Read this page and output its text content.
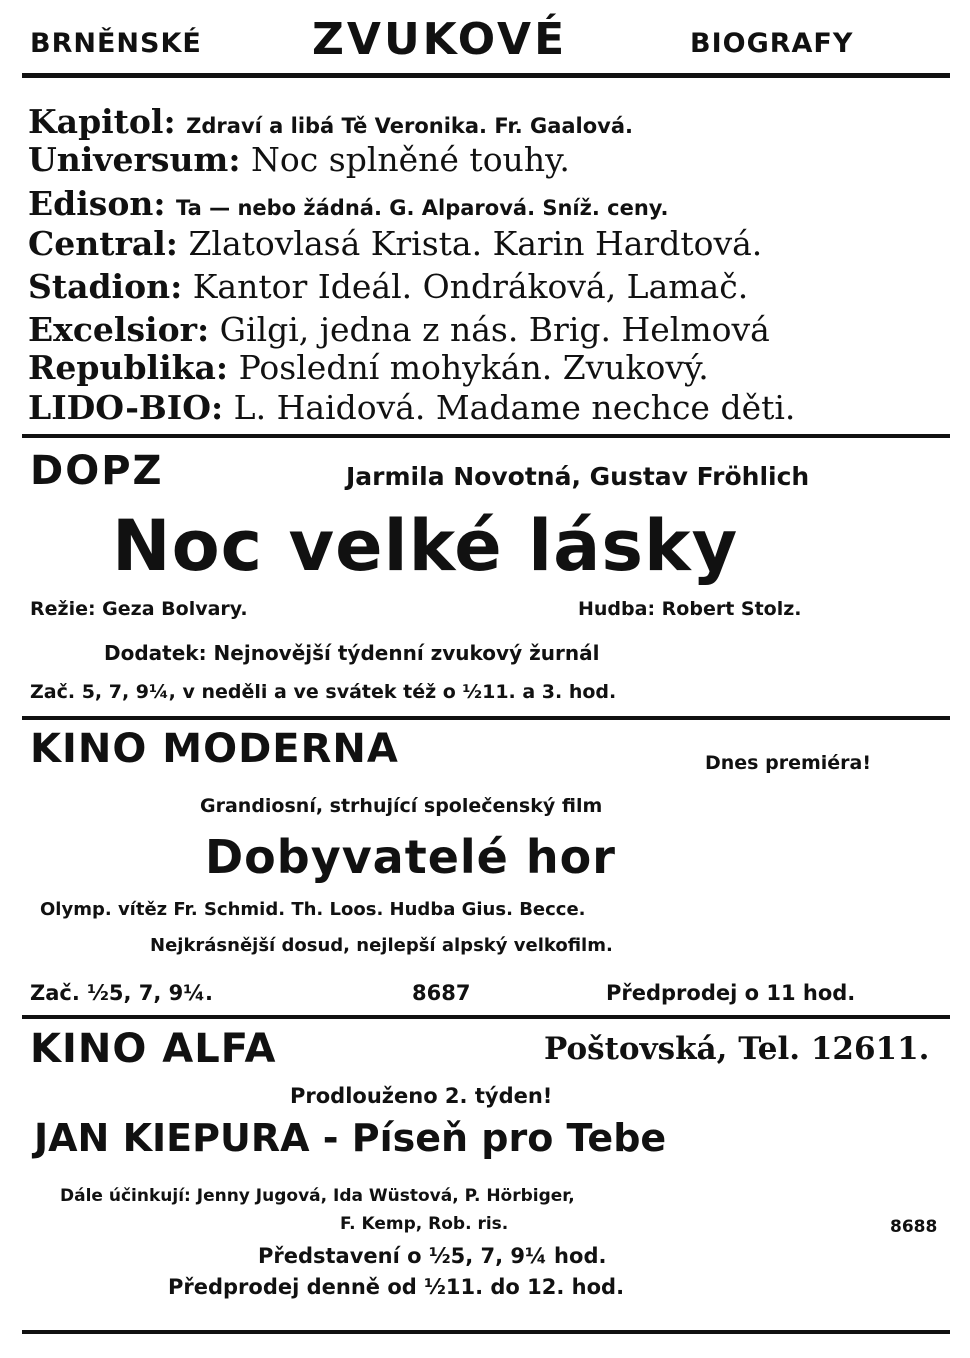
BRNĚNSKÉ	ZVUKOVÉ	BIOGRAFY
Kapitol: Zdraví a libá Tě Veronika. Fr. Gaalová.
Universum: Noc splněné touhy.
Edison: Ta — nebo žádná. G. Alparová. Sníž. ceny.
Central: Zlatovlasá Krista. Karin Hardtová.
Stadion: Kantor Ideál. Ondráková, Lamač.
Excelsior: Gilgi, jedna z nás. Brig. Helmová
Republika: Poslední mohykán. Zvukový.
LIDO-BIO: L. Haidová. Madame nechce děti.
DOPZ	Jarmila Novotná, Gustav Fröhlich
Noc velké lásky
Režie: Geza Bolvary.	Hudba: Robert Stolz.
Dodatek: Nejnovější týdenní zvukový žurnál
Zač. 5, 7, 9¼, v neděli a ve svátek též o ½11. a 3. hod.
KINO MODERNA	Dnes premiéra!
Grandiosní, strhující společenský film
Dobyvatelé hor
Olymp. vítěz Fr. Schmid. Th. Loos. Hudba Gius. Becce.
Nejkrásnější dosud, nejlepší alpský velkofilm.
Zač. ½5, 7, 9¼.	8687	Předprodej o 11 hod.
KINO ALFA	Poštovská, Tel. 12611.
Prodlouženo 2. týden!
JAN KIEPURA - Píseň pro Tebe
Dále účinkují: Jenny Jugová, Ida Wüstová, P. Hörbiger,
F. Kemp, Rob. ris.	8688
Představení o ½5, 7, 9¼ hod.
Předprodej denně od ½11. do 12. hod.
